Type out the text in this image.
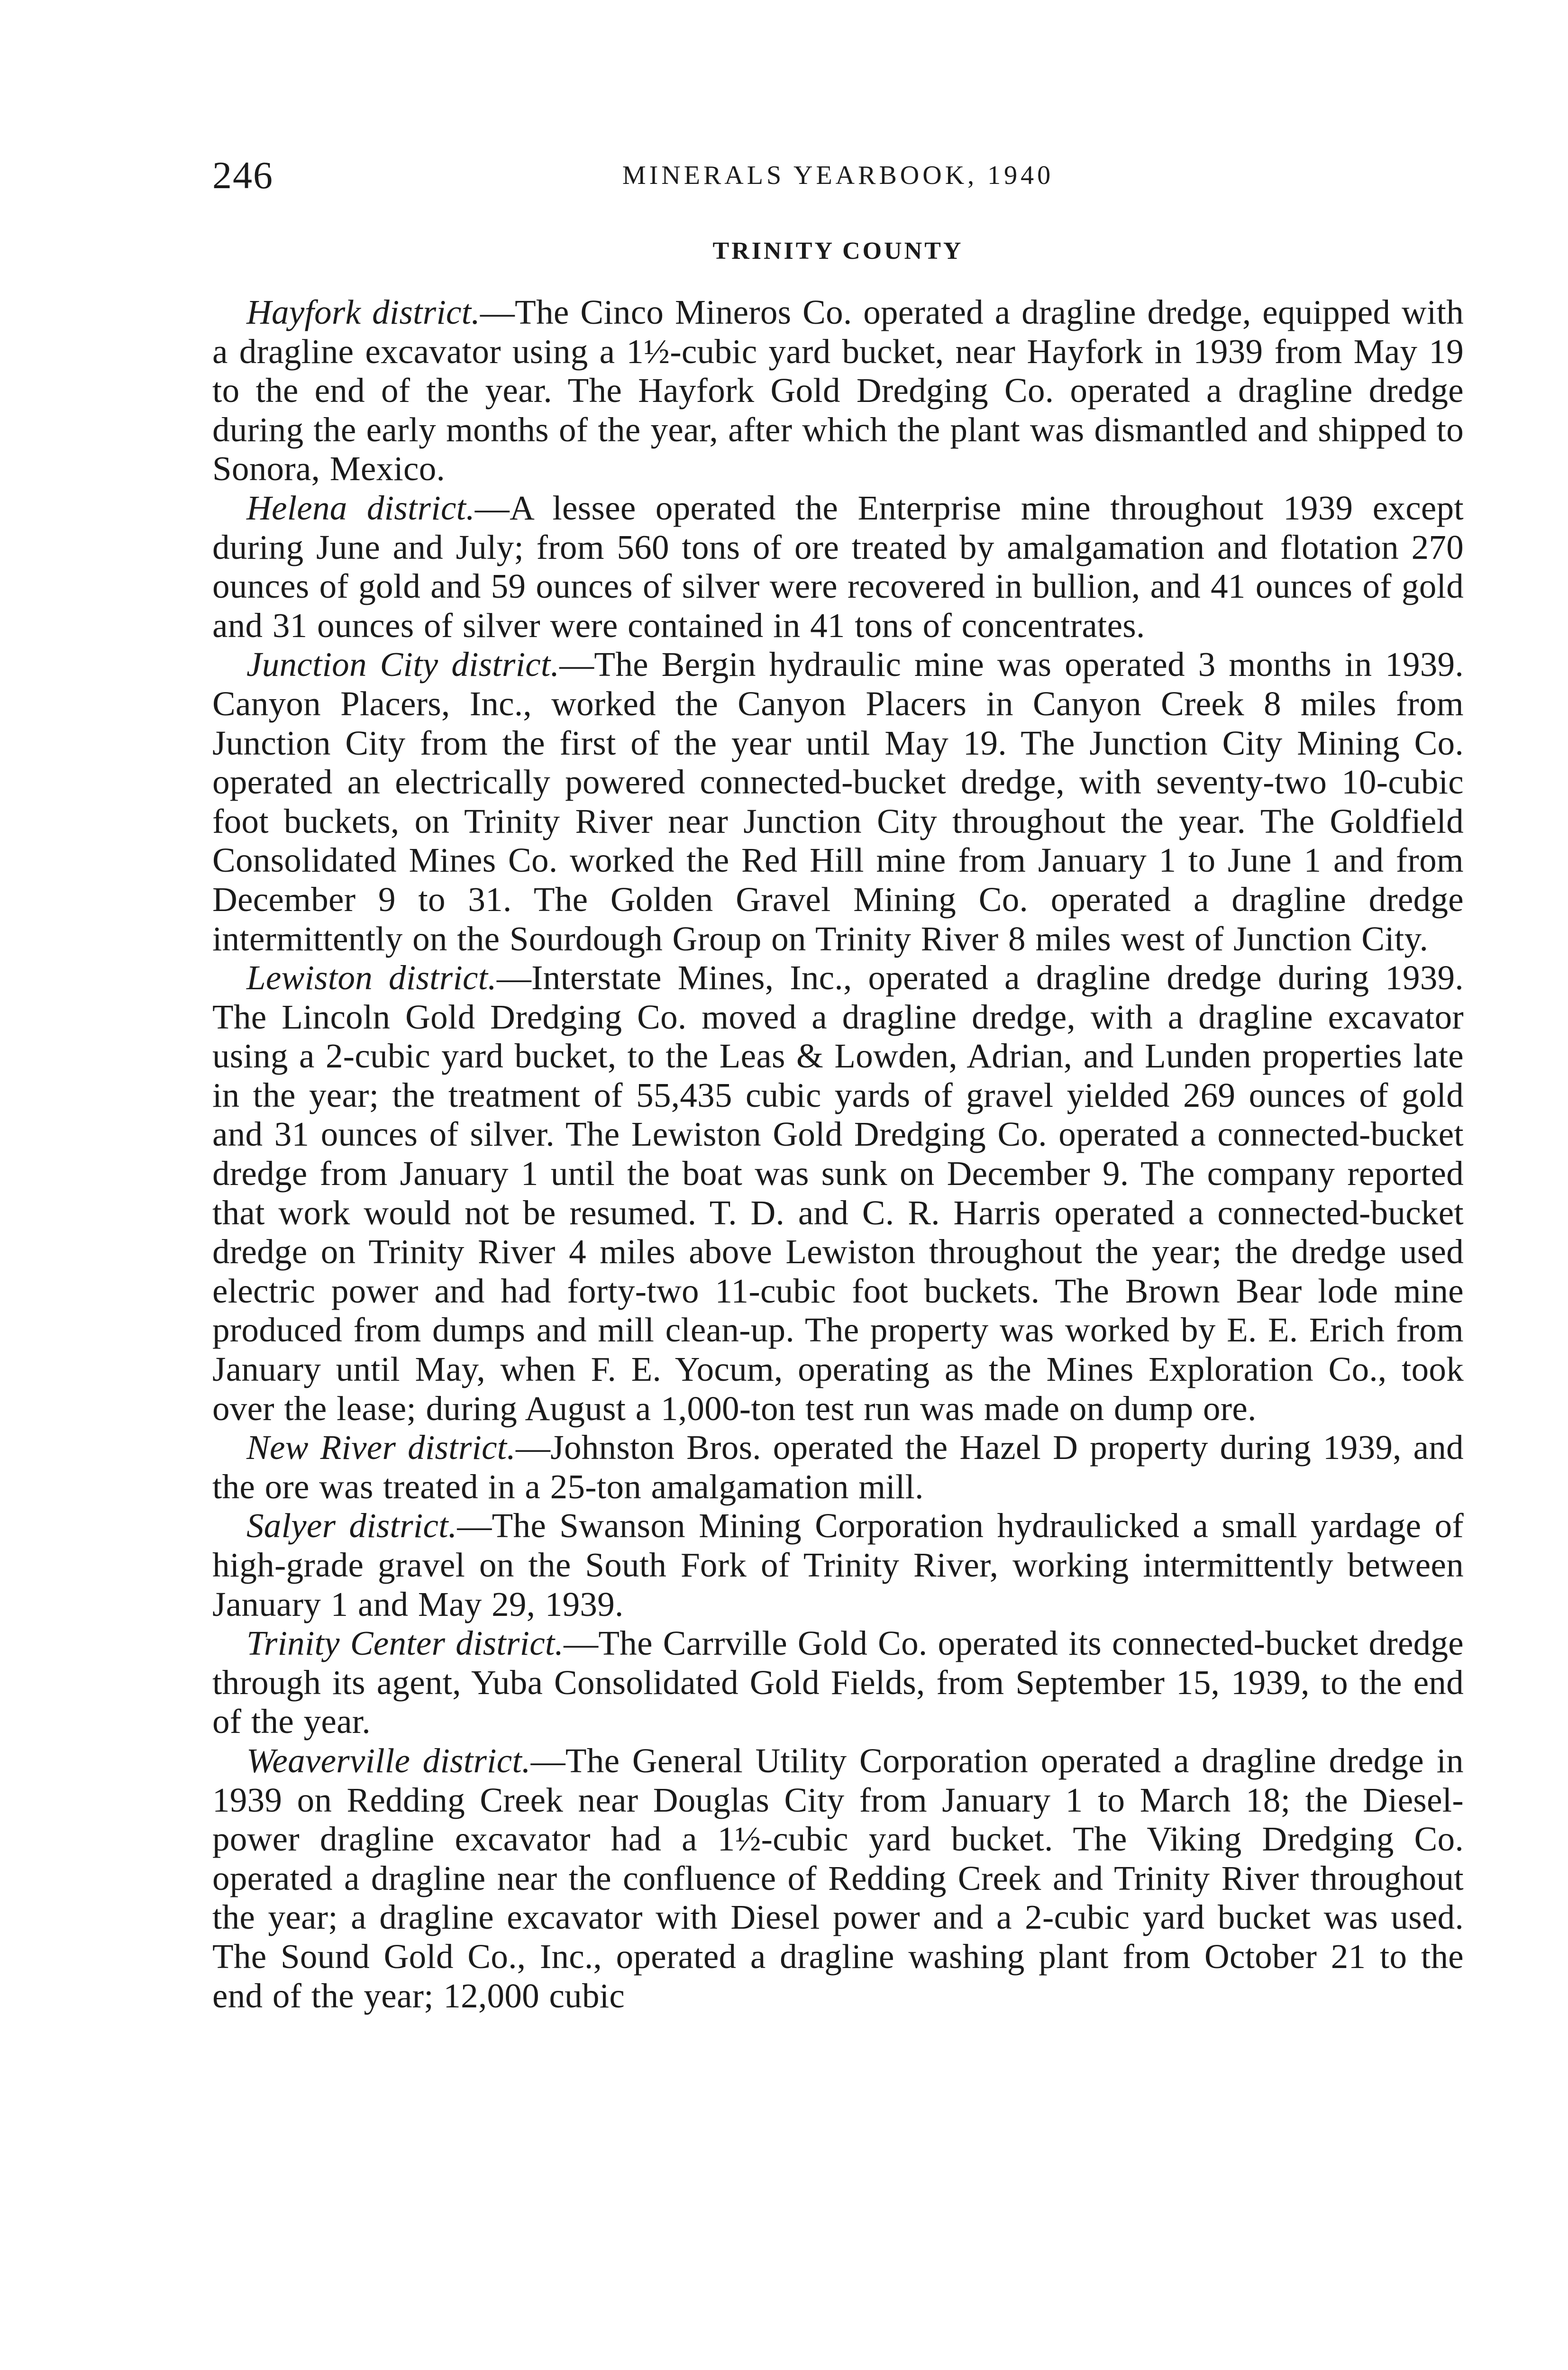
246	MINERALS YEARBOOK, 1940
TRINITY COUNTY

Hayfork district.—The Cinco Mineros Co. operated a dragline dredge, equipped with a dragline excavator using a 1½-cubic yard bucket, near Hayfork in 1939 from May 19 to the end of the year. The Hayfork Gold Dredging Co. operated a dragline dredge during the early months of the year, after which the plant was dismantled and shipped to Sonora, Mexico.

Helena district.—A lessee operated the Enterprise mine throughout 1939 except during June and July; from 560 tons of ore treated by amalgamation and flotation 270 ounces of gold and 59 ounces of silver were recovered in bullion, and 41 ounces of gold and 31 ounces of silver were contained in 41 tons of concentrates.

Junction City district.—The Bergin hydraulic mine was operated 3 months in 1939. Canyon Placers, Inc., worked the Canyon Placers in Canyon Creek 8 miles from Junction City from the first of the year until May 19. The Junction City Mining Co. operated an electrically powered connected-bucket dredge, with seventy-two 10-cubic foot buckets, on Trinity River near Junction City throughout the year. The Goldfield Consolidated Mines Co. worked the Red Hill mine from January 1 to June 1 and from December 9 to 31. The Golden Gravel Mining Co. operated a dragline dredge intermittently on the Sourdough Group on Trinity River 8 miles west of Junction City.

Lewiston district.—Interstate Mines, Inc., operated a dragline dredge during 1939. The Lincoln Gold Dredging Co. moved a dragline dredge, with a dragline excavator using a 2-cubic yard bucket, to the Leas & Lowden, Adrian, and Lunden properties late in the year; the treatment of 55,435 cubic yards of gravel yielded 269 ounces of gold and 31 ounces of silver. The Lewiston Gold Dredging Co. operated a connected-bucket dredge from January 1 until the boat was sunk on December 9. The company reported that work would not be resumed. T. D. and C. R. Harris operated a connected-bucket dredge on Trinity River 4 miles above Lewiston throughout the year; the dredge used electric power and had forty-two 11-cubic foot buckets. The Brown Bear lode mine produced from dumps and mill clean-up. The property was worked by E. E. Erich from January until May, when F. E. Yocum, operating as the Mines Exploration Co., took over the lease; during August a 1,000-ton test run was made on dump ore.

New River district.—Johnston Bros. operated the Hazel D property during 1939, and the ore was treated in a 25-ton amalgamation mill.

Salyer district.—The Swanson Mining Corporation hydraulicked a small yardage of high-grade gravel on the South Fork of Trinity River, working intermittently between January 1 and May 29, 1939.

Trinity Center district.—The Carrville Gold Co. operated its connected-bucket dredge through its agent, Yuba Consolidated Gold Fields, from September 15, 1939, to the end of the year.

Weaverville district.—The General Utility Corporation operated a dragline dredge in 1939 on Redding Creek near Douglas City from January 1 to March 18; the Diesel-power dragline excavator had a 1½-cubic yard bucket. The Viking Dredging Co. operated a dragline near the confluence of Redding Creek and Trinity River throughout the year; a dragline excavator with Diesel power and a 2-cubic yard bucket was used. The Sound Gold Co., Inc., operated a dragline washing plant from October 21 to the end of the year; 12,000 cubic
